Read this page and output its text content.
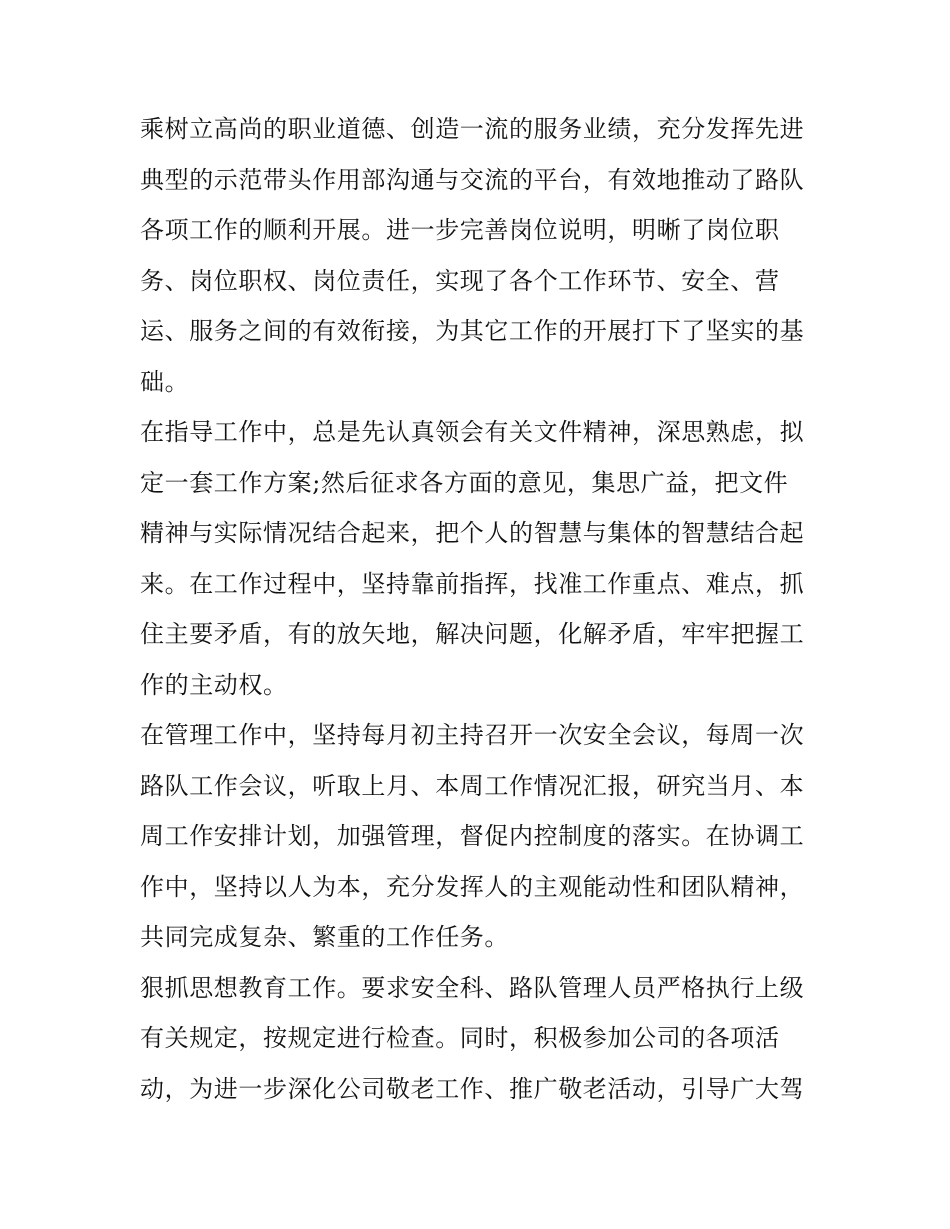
乘树立高尚的职业道德、创造一流的服务业绩，充分发挥先进
典型的示范带头作用部沟通与交流的平台，有效地推动了路队
各项工作的顺利开展。进一步完善岗位说明，明晰了岗位职
务、岗位职权、岗位责任，实现了各个工作环节、安全、营
运、服务之间的有效衔接，为其它工作的开展打下了坚实的基
础。
在指导工作中，总是先认真领会有关文件精神，深思熟虑，拟
定一套工作方案;然后征求各方面的意见，集思广益，把文件
精神与实际情况结合起来，把个人的智慧与集体的智慧结合起
来。在工作过程中，坚持靠前指挥，找准工作重点、难点，抓
住主要矛盾，有的放矢地，解决问题，化解矛盾，牢牢把握工
作的主动权。
在管理工作中，坚持每月初主持召开一次安全会议，每周一次
路队工作会议，听取上月、本周工作情况汇报，研究当月、本
周工作安排计划，加强管理，督促内控制度的落实。在协调工
作中，坚持以人为本，充分发挥人的主观能动性和团队精神，
共同完成复杂、繁重的工作任务。
狠抓思想教育工作。要求安全科、路队管理人员严格执行上级
有关规定，按规定进行检查。同时，积极参加公司的各项活
动，为进一步深化公司敬老工作、推广敬老活动，引导广大驾
